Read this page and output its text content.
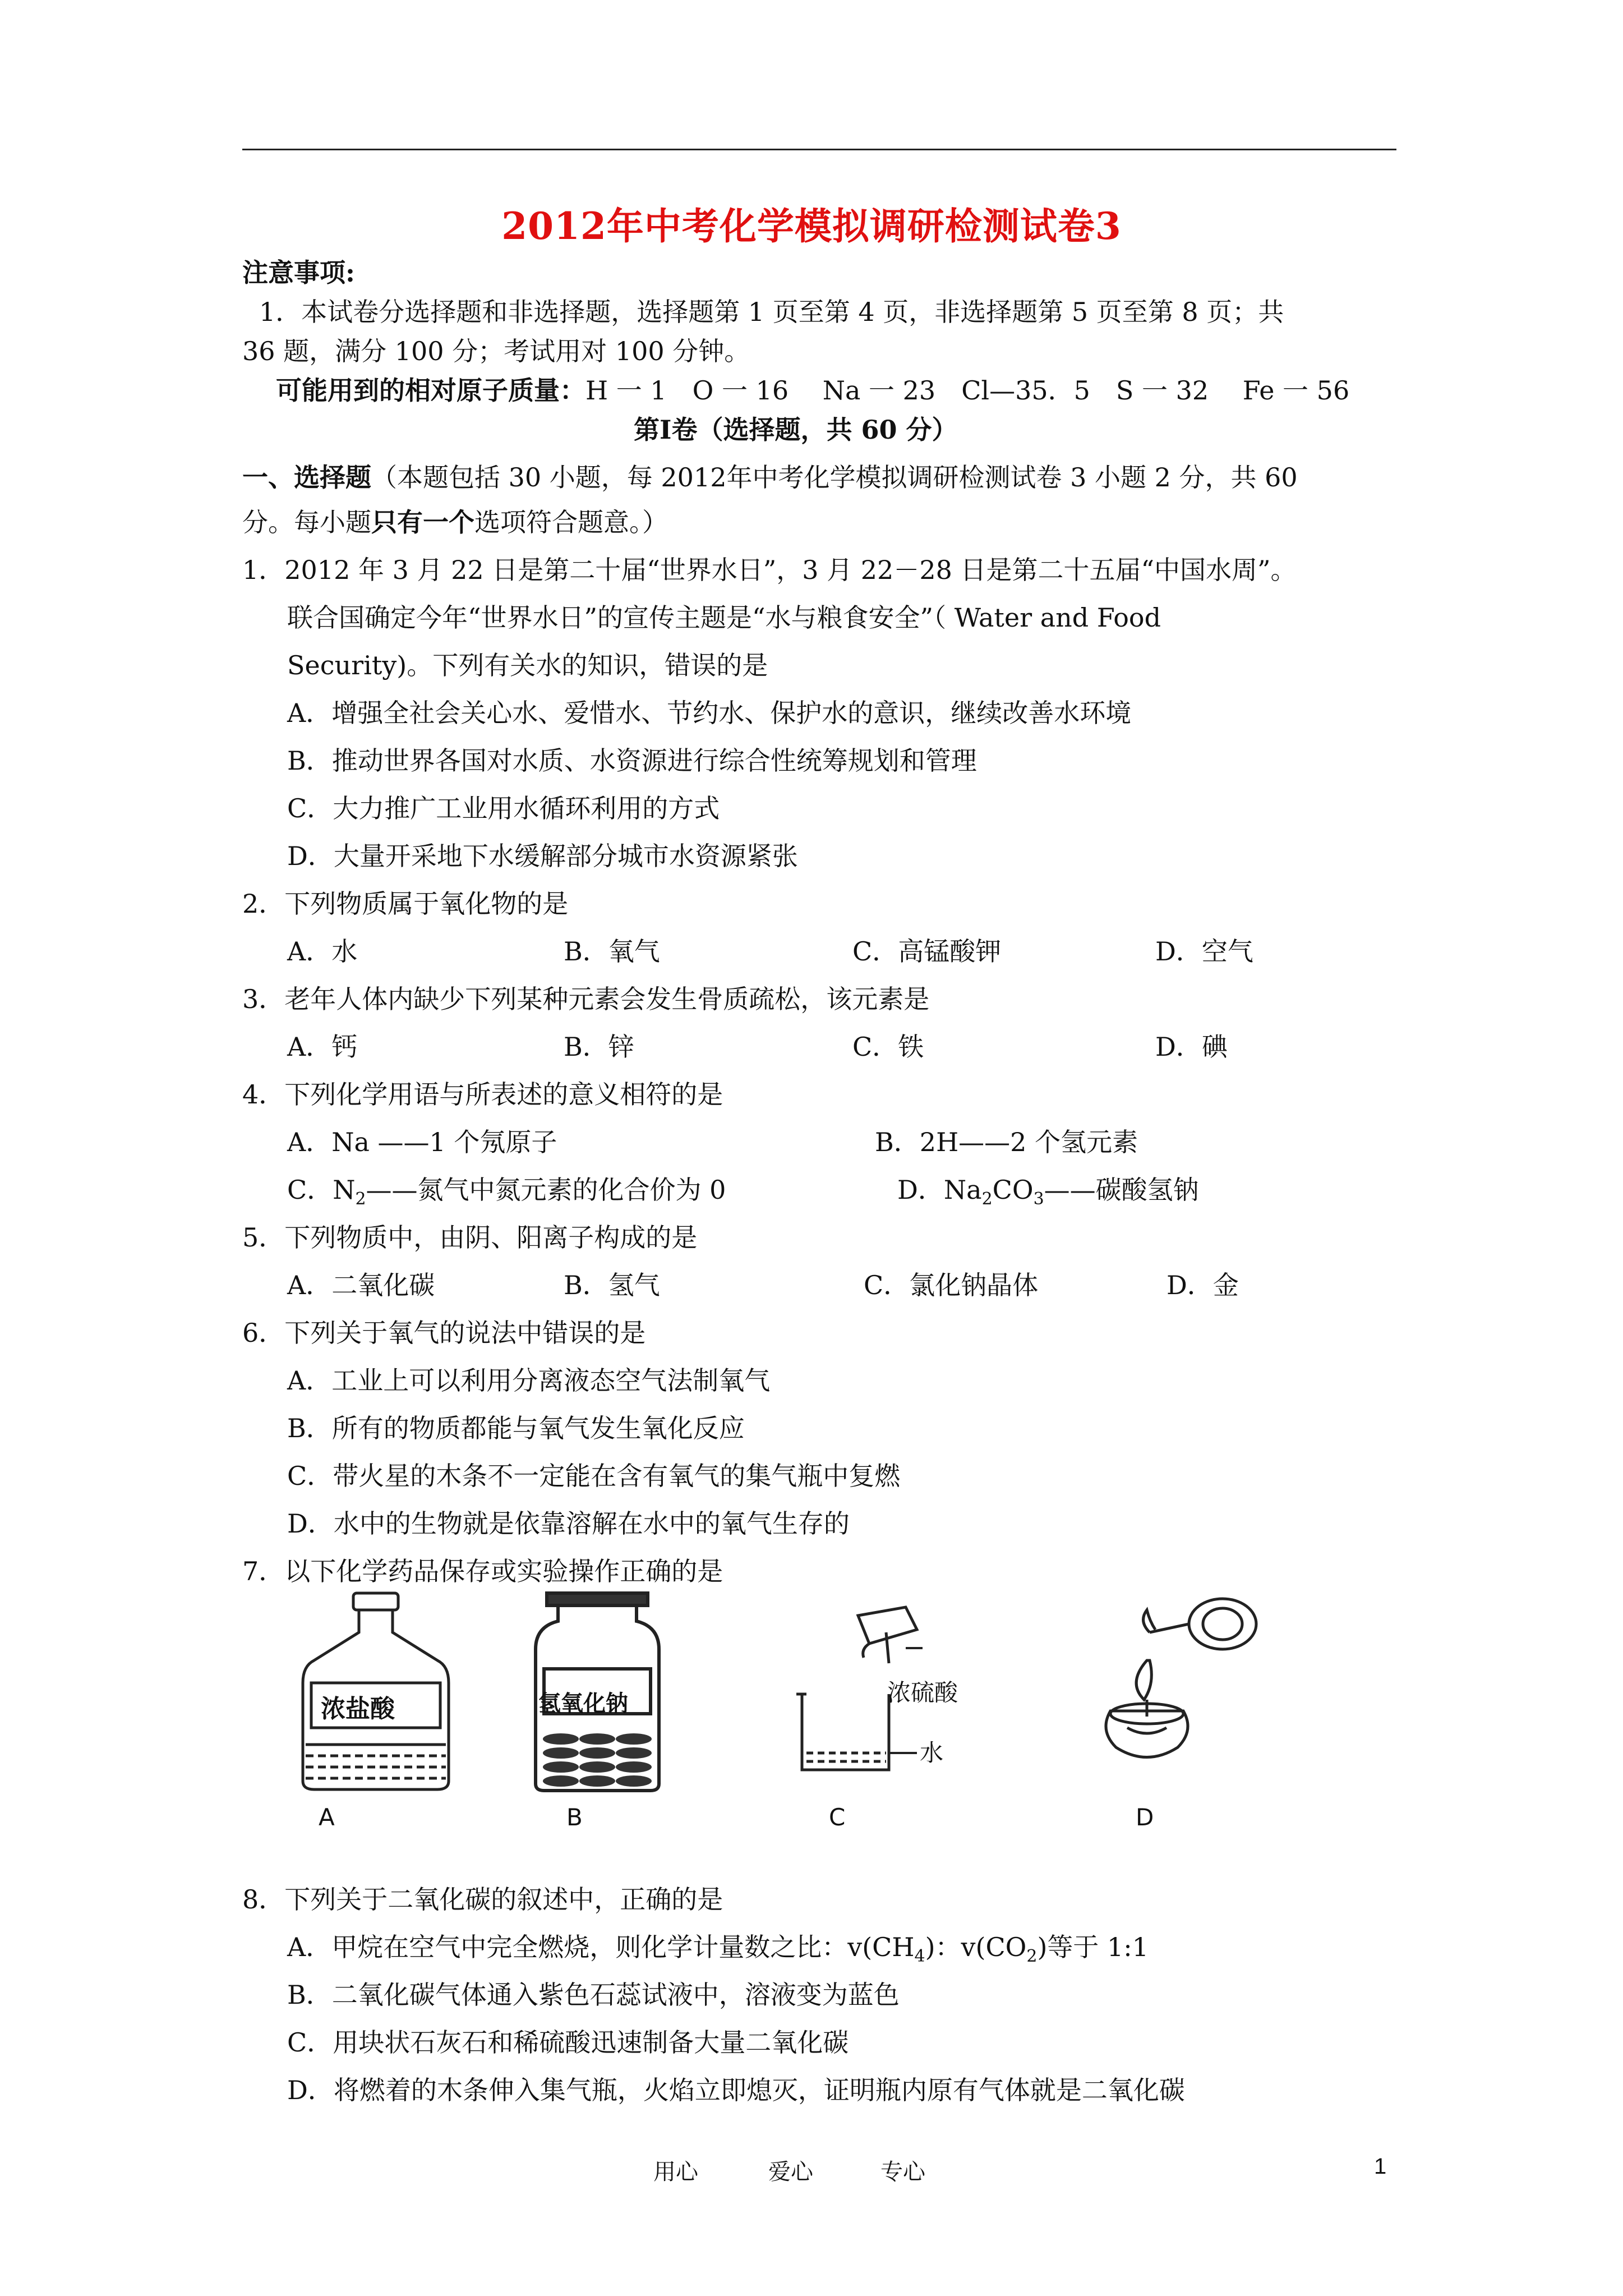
2012年中考化学模拟调研检测试卷3
注意事项:
1．本试卷分选择题和非选择题，选择题第 1 页至第 4 页，非选择题第 5 页至第 8 页；共
36 题，满分 100 分；考试用对 100 分钟。
可能用到的相对原子质量：H 一 1　O 一 16　 Na 一 23　Cl—35．5　S 一 32　 Fe 一 56
第Ⅰ卷（选择题，共 60 分）
一、选择题（本题包括 30 小题，每 2012年中考化学模拟调研检测试卷 3 小题 2 分，共 60
分。每小题只有一个选项符合题意。）
1．2012 年 3 月 22 日是第二十届“世界水日”，3 月 22－28 日是第二十五届“中国水周”。
联合国确定今年“世界水日”的宣传主题是“水与粮食安全”（ Water and Food
Security)。下列有关水的知识，错误的是
A．增强全社会关心水、爱惜水、节约水、保护水的意识，继续改善水环境
B．推动世界各国对水质、水资源进行综合性统筹规划和管理
C．大力推广工业用水循环利用的方式
D．大量开采地下水缓解部分城市水资源紧张
2．下列物质属于氧化物的是
A．水	B．氧气	C．高锰酸钾	D．空气
3．老年人体内缺少下列某种元素会发生骨质疏松，该元素是
A．钙	B．锌	C．铁	D．碘
4．下列化学用语与所表述的意义相符的是
A．Na ——1 个氖原子	B．2H——2 个氢元素
C．$N_2——$氮气中氮元素的化合价为 0	D．$Na_2CO_3——$碳酸氢钠
5．下列物质中，由阴、阳离子构成的是
A．二氧化碳	B．氢气	C．氯化钠晶体	D．金
6．下列关于氧气的说法中错误的是
A．工业上可以利用分离液态空气法制氧气
B．所有的物质都能与氧气发生氧化反应
C．带火星的木条不一定能在含有氧气的集气瓶中复燃
D．水中的生物就是依靠溶解在水中的氧气生存的
7．以下化学药品保存或实验操作正确的是
浓盐酸	氢氧化钠	浓硫酸
水
A	B	C	D
8．下列关于二氧化碳的叙述中，正确的是
A．甲烷在空气中完全燃烧，则化学计量数之比：$v(CH_4)$：$v(CO_2)$等于 1:1
B．二氧化碳气体通入紫色石蕊试液中，溶液变为蓝色
C．用块状石灰石和稀硫酸迅速制备大量二氧化碳
D．将燃着的木条伸入集气瓶，火焰立即熄灭，证明瓶内原有气体就是二氧化碳
用心	爱心	专心	1
